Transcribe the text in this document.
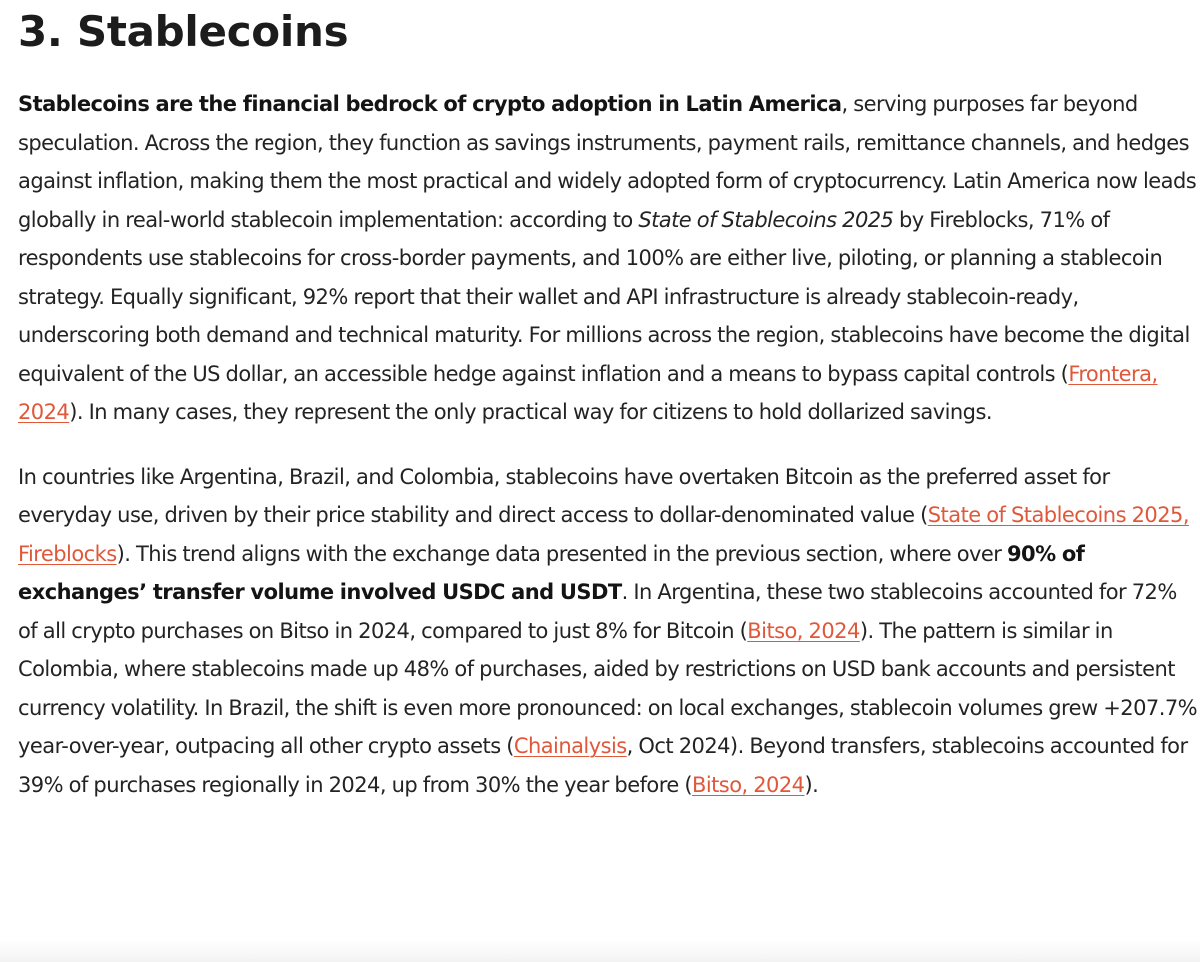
3. Stablecoins

Stablecoins are the financial bedrock of crypto adoption in Latin America, serving purposes far beyond speculation. Across the region, they function as savings instruments, payment rails, remittance channels, and hedges against inflation, making them the most practical and widely adopted form of cryptocurrency. Latin America now leads globally in real-world stablecoin implementation: according to State of Stablecoins 2025 by Fireblocks, 71% of respondents use stablecoins for cross-border payments, and 100% are either live, piloting, or planning a stablecoin strategy. Equally significant, 92% report that their wallet and API infrastructure is already stablecoin-ready, underscoring both demand and technical maturity. For millions across the region, stablecoins have become the digital equivalent of the US dollar, an accessible hedge against inflation and a means to bypass capital controls (Frontera, 2024). In many cases, they represent the only practical way for citizens to hold dollarized savings.

In countries like Argentina, Brazil, and Colombia, stablecoins have overtaken Bitcoin as the preferred asset for everyday use, driven by their price stability and direct access to dollar-denominated value (State of Stablecoins 2025, Fireblocks). This trend aligns with the exchange data presented in the previous section, where over 90% of exchanges’ transfer volume involved USDC and USDT. In Argentina, these two stablecoins accounted for 72% of all crypto purchases on Bitso in 2024, compared to just 8% for Bitcoin (Bitso, 2024). The pattern is similar in Colombia, where stablecoins made up 48% of purchases, aided by restrictions on USD bank accounts and persistent currency volatility. In Brazil, the shift is even more pronounced: on local exchanges, stablecoin volumes grew +207.7% year-over-year, outpacing all other crypto assets (Chainalysis, Oct 2024). Beyond transfers, stablecoins accounted for 39% of purchases regionally in 2024, up from 30% the year before (Bitso, 2024).
